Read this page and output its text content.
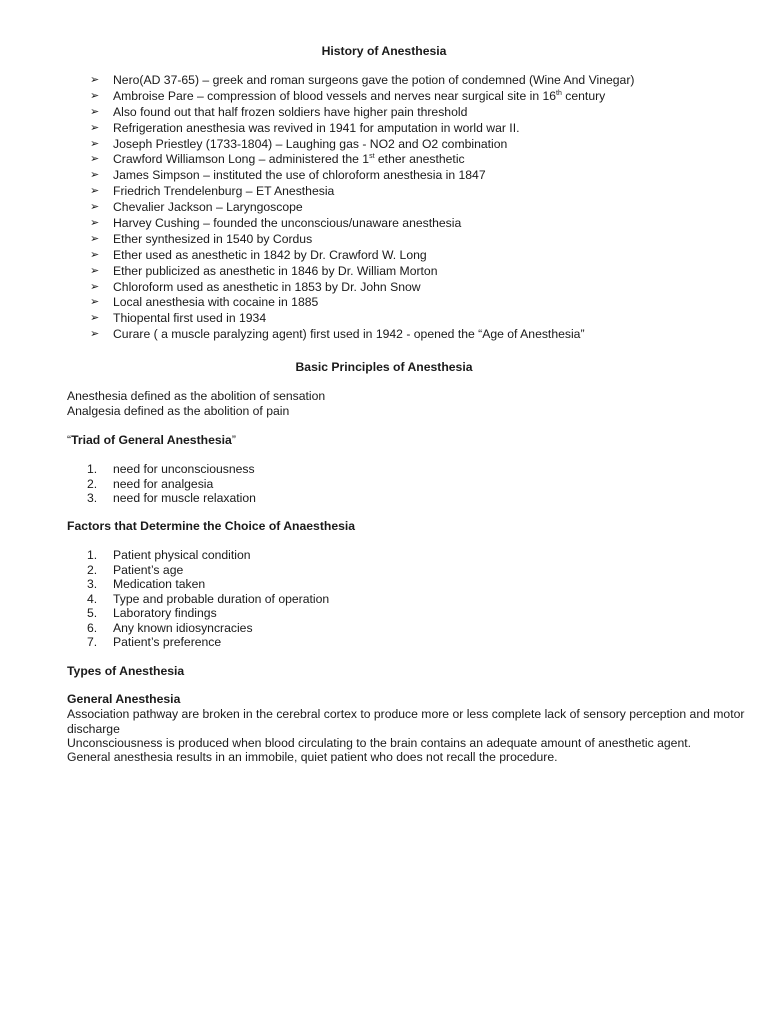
History of Anesthesia
➢ Nero(AD 37-65) – greek and roman surgeons gave the potion of condemned (Wine And Vinegar)
➢ Ambroise Pare – compression of blood vessels and nerves near surgical site in 16th century
➢ Also found out that half frozen soldiers have higher pain threshold
➢ Refrigeration anesthesia was revived in 1941 for amputation in world war II.
➢ Joseph Priestley (1733-1804) – Laughing gas - NO2 and O2 combination
➢ Crawford Williamson Long – administered the 1st ether anesthetic
➢ James Simpson – instituted the use of chloroform anesthesia in 1847
➢ Friedrich Trendelenburg – ET Anesthesia
➢ Chevalier Jackson – Laryngoscope
➢ Harvey Cushing – founded the unconscious/unaware anesthesia
➢ Ether synthesized in 1540 by Cordus
➢ Ether used as anesthetic in 1842 by Dr. Crawford W. Long
➢ Ether publicized as anesthetic in 1846 by Dr. William Morton
➢ Chloroform used as anesthetic in 1853 by Dr. John Snow
➢ Local anesthesia with cocaine in 1885
➢ Thiopental first used in 1934
➢ Curare ( a muscle paralyzing agent) first used in 1942 - opened the “Age of Anesthesia”
Basic Principles of Anesthesia

Anesthesia defined as the abolition of sensation

Analgesia defined as the abolition of pain

“Triad of General Anesthesia”

1. need for unconsciousness
2. need for analgesia
3. need for muscle relaxation

Factors that Determine the Choice of Anaesthesia

1. Patient physical condition
2. Patient’s age
3. Medication taken
4. Type and probable duration of operation
5. Laboratory findings
6. Any known idiosyncracies
7. Patient’s preference

Types of Anesthesia

General Anesthesia

Association pathway are broken in the cerebral cortex to produce more or less complete lack of sensory perception and motor discharge

Unconsciousness is produced when blood circulating to the brain contains an adequate amount of anesthetic agent.

General anesthesia results in an immobile, quiet patient who does not recall the procedure.
